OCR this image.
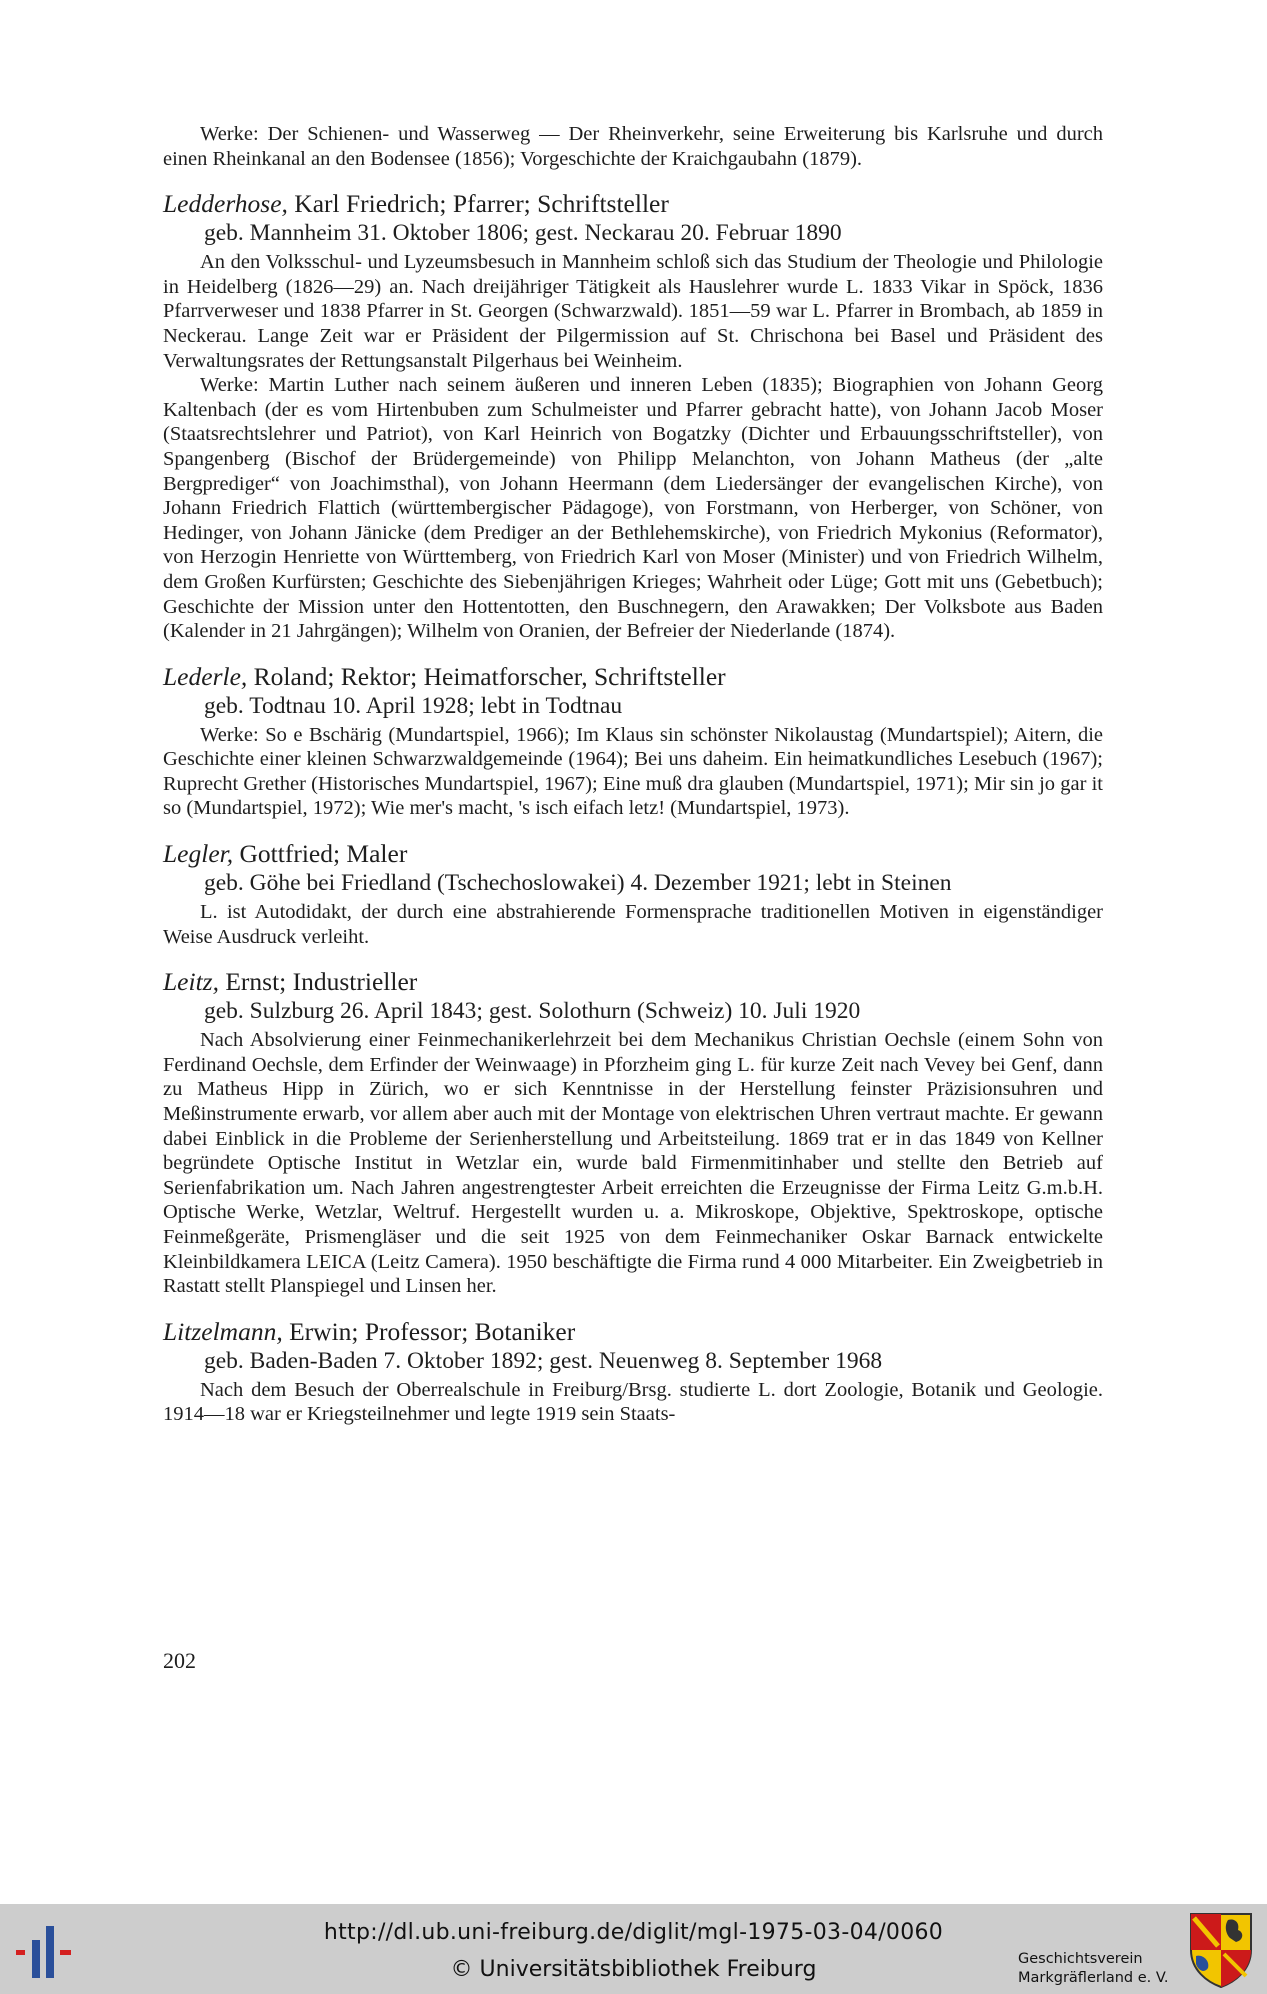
Werke: Der Schienen- und Wasserweg — Der Rheinverkehr, seine Erweiterung bis Karlsruhe und durch einen Rheinkanal an den Bodensee (1856); Vorgeschichte der Kraichgaubahn (1879).

Ledderhose, Karl Friedrich; Pfarrer; Schriftsteller

geb. Mannheim 31. Oktober 1806; gest. Neckarau 20. Februar 1890

An den Volksschul- und Lyzeumsbesuch in Mannheim schloß sich das Studium der Theologie und Philologie in Heidelberg (1826—29) an. Nach dreijähriger Tätigkeit als Hauslehrer wurde L. 1833 Vikar in Spöck, 1836 Pfarrverweser und 1838 Pfarrer in St. Georgen (Schwarzwald). 1851—59 war L. Pfarrer in Brombach, ab 1859 in Neckerau. Lange Zeit war er Präsident der Pilgermission auf St. Chrischona bei Basel und Präsident des Verwaltungsrates der Rettungsanstalt Pilgerhaus bei Weinheim.

Werke: Martin Luther nach seinem äußeren und inneren Leben (1835); Biographien von Johann Georg Kaltenbach (der es vom Hirtenbuben zum Schulmeister und Pfarrer gebracht hatte), von Johann Jacob Moser (Staatsrechtslehrer und Patriot), von Karl Heinrich von Bogatzky (Dichter und Erbauungsschriftsteller), von Spangenberg (Bischof der Brüdergemeinde) von Philipp Melanchton, von Johann Matheus (der „alte Bergprediger“ von Joachimsthal), von Johann Heermann (dem Liedersänger der evangelischen Kirche), von Johann Friedrich Flattich (württembergischer Pädagoge), von Forstmann, von Herberger, von Schöner, von Hedinger, von Johann Jänicke (dem Prediger an der Bethlehemskirche), von Friedrich Mykonius (Reformator), von Herzogin Henriette von Württemberg, von Friedrich Karl von Moser (Minister) und von Friedrich Wilhelm, dem Großen Kurfürsten; Geschichte des Siebenjährigen Krieges; Wahrheit oder Lüge; Gott mit uns (Gebetbuch); Geschichte der Mission unter den Hottentotten, den Buschnegern, den Arawakken; Der Volksbote aus Baden (Kalender in 21 Jahrgängen); Wilhelm von Oranien, der Befreier der Niederlande (1874).

Lederle, Roland; Rektor; Heimatforscher, Schriftsteller

geb. Todtnau 10. April 1928; lebt in Todtnau

Werke: So e Bschärig (Mundartspiel, 1966); Im Klaus sin schönster Nikolaustag (Mundartspiel); Aitern, die Geschichte einer kleinen Schwarzwaldgemeinde (1964); Bei uns daheim. Ein heimatkundliches Lesebuch (1967); Ruprecht Grether (Historisches Mundartspiel, 1967); Eine muß dra glauben (Mundartspiel, 1971); Mir sin jo gar it so (Mundartspiel, 1972); Wie mer's macht, 's isch eifach letz! (Mundartspiel, 1973).

Legler, Gottfried; Maler

geb. Göhe bei Friedland (Tschechoslowakei) 4. Dezember 1921; lebt in Steinen

L. ist Autodidakt, der durch eine abstrahierende Formensprache traditionellen Motiven in eigenständiger Weise Ausdruck verleiht.

Leitz, Ernst; Industrieller

geb. Sulzburg 26. April 1843; gest. Solothurn (Schweiz) 10. Juli 1920

Nach Absolvierung einer Feinmechanikerlehrzeit bei dem Mechanikus Christian Oechsle (einem Sohn von Ferdinand Oechsle, dem Erfinder der Weinwaage) in Pforzheim ging L. für kurze Zeit nach Vevey bei Genf, dann zu Matheus Hipp in Zürich, wo er sich Kenntnisse in der Herstellung feinster Präzisionsuhren und Meßinstrumente erwarb, vor allem aber auch mit der Montage von elektrischen Uhren vertraut machte. Er gewann dabei Einblick in die Probleme der Serienherstellung und Arbeitsteilung. 1869 trat er in das 1849 von Kellner begründete Optische Institut in Wetzlar ein, wurde bald Firmenmitinhaber und stellte den Betrieb auf Serienfabrikation um. Nach Jahren angestrengtester Arbeit erreichten die Erzeugnisse der Firma Leitz G.m.b.H. Optische Werke, Wetzlar, Weltruf. Hergestellt wurden u. a. Mikroskope, Objektive, Spektroskope, optische Feinmeßgeräte, Prismengläser und die seit 1925 von dem Feinmechaniker Oskar Barnack entwickelte Kleinbildkamera LEICA (Leitz Camera). 1950 beschäftigte die Firma rund 4 000 Mitarbeiter. Ein Zweigbetrieb in Rastatt stellt Planspiegel und Linsen her.

Litzelmann, Erwin; Professor; Botaniker

geb. Baden-Baden 7. Oktober 1892; gest. Neuenweg 8. September 1968

Nach dem Besuch der Oberrealschule in Freiburg/Brsg. studierte L. dort Zoologie, Botanik und Geologie. 1914—18 war er Kriegsteilnehmer und legte 1919 sein Staats-

202
http://dl.ub.uni-freiburg.de/diglit/mgl-1975-03-04/0060
© Universitätsbibliothek Freiburg	Geschichtsverein
Markgräflerland e. V.
